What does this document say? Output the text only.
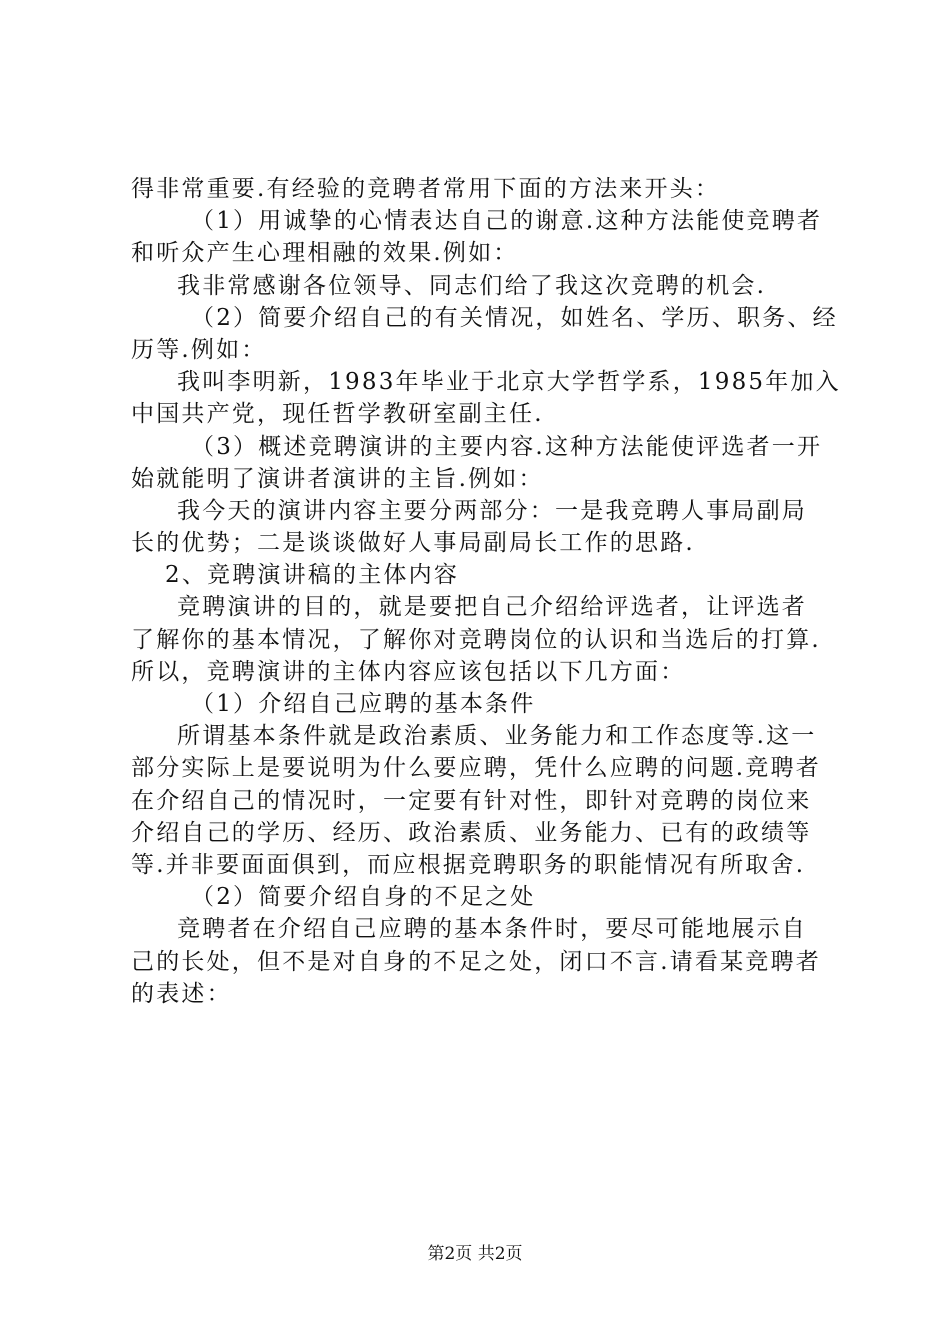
得非常重要.有经验的竞聘者常用下面的方法来开头：
（1）用诚挚的心情表达自己的谢意.这种方法能使竞聘者
和听众产生心理相融的效果.例如：
我非常感谢各位领导、同志们给了我这次竞聘的机会.
（2）简要介绍自己的有关情况，如姓名、学历、职务、经
历等.例如：
我叫李明新，1983年毕业于北京大学哲学系，1985年加入
中国共产党，现任哲学教研室副主任.
（3）概述竞聘演讲的主要内容.这种方法能使评选者一开
始就能明了演讲者演讲的主旨.例如：
我今天的演讲内容主要分两部分：一是我竞聘人事局副局
长的优势；二是谈谈做好人事局副局长工作的思路.
2、竞聘演讲稿的主体内容
竞聘演讲的目的，就是要把自己介绍给评选者，让评选者
了解你的基本情况，了解你对竞聘岗位的认识和当选后的打算.
所以，竞聘演讲的主体内容应该包括以下几方面：
（1）介绍自己应聘的基本条件
所谓基本条件就是政治素质、业务能力和工作态度等.这一
部分实际上是要说明为什么要应聘，凭什么应聘的问题.竞聘者
在介绍自己的情况时，一定要有针对性，即针对竞聘的岗位来
介绍自己的学历、经历、政治素质、业务能力、已有的政绩等
等.并非要面面俱到，而应根据竞聘职务的职能情况有所取舍.
（2）简要介绍自身的不足之处
竞聘者在介绍自己应聘的基本条件时，要尽可能地展示自
己的长处，但不是对自身的不足之处，闭口不言.请看某竞聘者
的表述：
第2页 共2页
